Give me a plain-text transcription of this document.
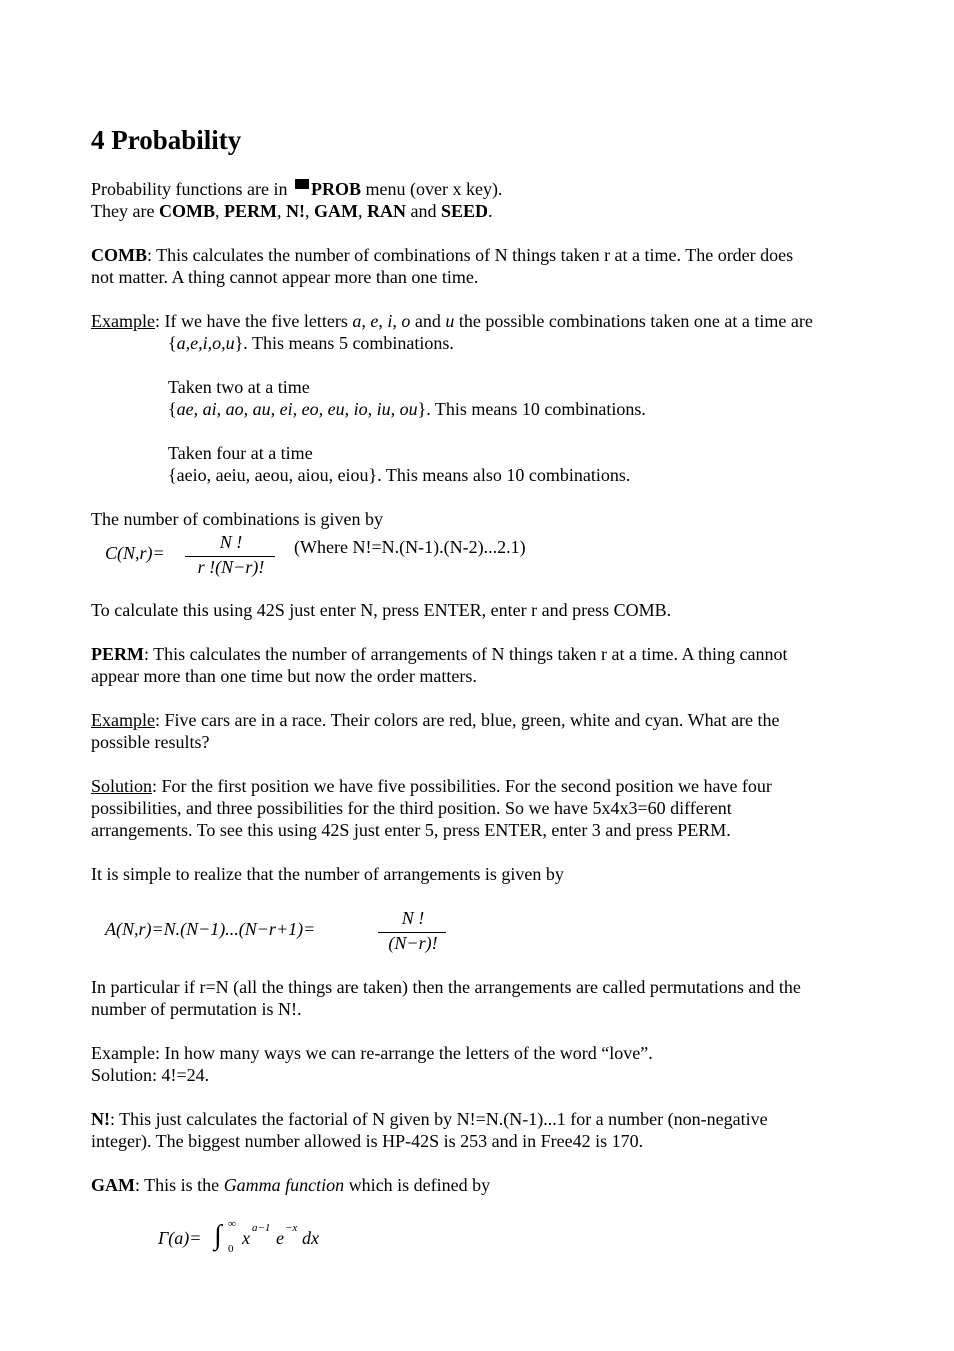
4 Probability
Probability functions are in PROB menu (over x key).
They are COMB, PERM, N!, GAM, RAN and SEED.
COMB: This calculates the number of combinations of N things taken r at a time. The order does
not matter. A thing cannot appear more than one time.
Example: If we have the five letters a, e, i, o and u the possible combinations taken one at a time are
{a,e,i,o,u}. This means 5 combinations.
Taken two at a time
{ae, ai, ao, au, ei, eo, eu, io, iu, ou}. This means 10 combinations.
Taken four at a time
{aeio, aeiu, aeou, aiou, eiou}. This means also 10 combinations.
The number of combinations is given by
C(N,r)=
N !
r !(N−r)!
(Where N!=N.(N-1).(N-2)...2.1)
To calculate this using 42S just enter N, press ENTER, enter r and press COMB.
PERM: This calculates the number of arrangements of N things taken r at a time. A thing cannot
appear more than one time but now the order matters.
Example: Five cars are in a race. Their colors are red, blue, green, white and cyan. What are the
possible results?
Solution: For the first position we have five possibilities. For the second position we have four
possibilities, and three possibilities for the third position. So we have 5x4x3=60 different
arrangements. To see this using 42S just enter 5, press ENTER, enter 3 and press PERM.
It is simple to realize that the number of arrangements is given by
A(N,r)=N.(N−1)...(N−r+1)=
N !
(N−r)!
In particular if r=N (all the things are taken) then the arrangements are called permutations and the
number of permutation is N!.
Example: In how many ways we can re-arrange the letters of the word “love”.
Solution: 4!=24.
N!: This just calculates the factorial of N given by N!=N.(N-1)...1 for a number (non-negative
integer). The biggest number allowed is HP-42S is 253 and in Free42 is 170.
GAM: This is the Gamma function which is defined by
Γ(a)= ∫ ∞
0
x a−1 e −x dx
